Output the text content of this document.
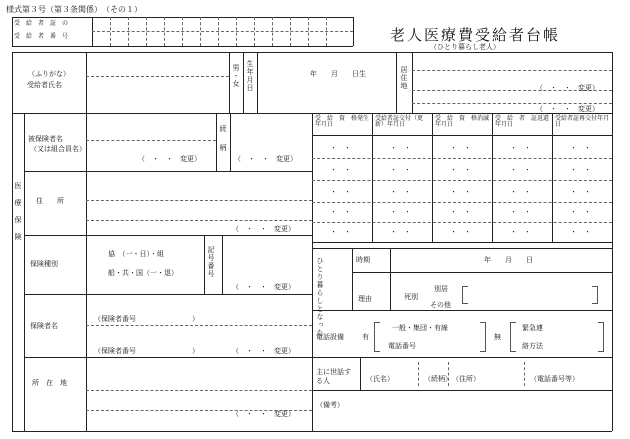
様式第３号（第３条関係）　（その１）
老人医療費受給者台帳
（ひとり暮らし老人）
受　給　者　証　の
受　給　者　番　号
（ふりがな）
受給者氏名	男・女 生年月日	年　　月　　日生	居住地	（　・　・　変更）
（　・　・　変更）
医療保険
被保険者名
（又は組合員名）
（　・　・　変更）	続柄 （　・　・　変更）
住　　所
（　・　・　変更）
保険種別
協　（一・日）・組
船・共・国（一・退）	記号番号
（　・　・　変更）
保険者名
（保険者番号　　　　　　　　）
（保険者番号　　　　　　　　）	（　・　・　変更）
所　在　地
（　・　・　変更）
受　給　資　格発生年月日
受給者証交付（更新）年月日
受　給　資　格消滅年月日
受　給　者　証返還年月日
受給者証再交付年月日
・　・	・　・	・　・	・　・	・　・
・　・	・　・	・　・	・　・	・　・
・　・	・　・	・　・	・　・	・　・
・　・	・　・	・　・	・　・	・　・
・　・	・　・	・　・	・　・	・　・
ひとり暮らしとなった	時期	年　　月　　日
理由	死別
別居
その他
電話設備	有
一般・集団・有線
電話番号
無
緊急連
絡方法
主に世話する人	（氏名）	（続柄） （住所）	（電話番号等）
（備考）
